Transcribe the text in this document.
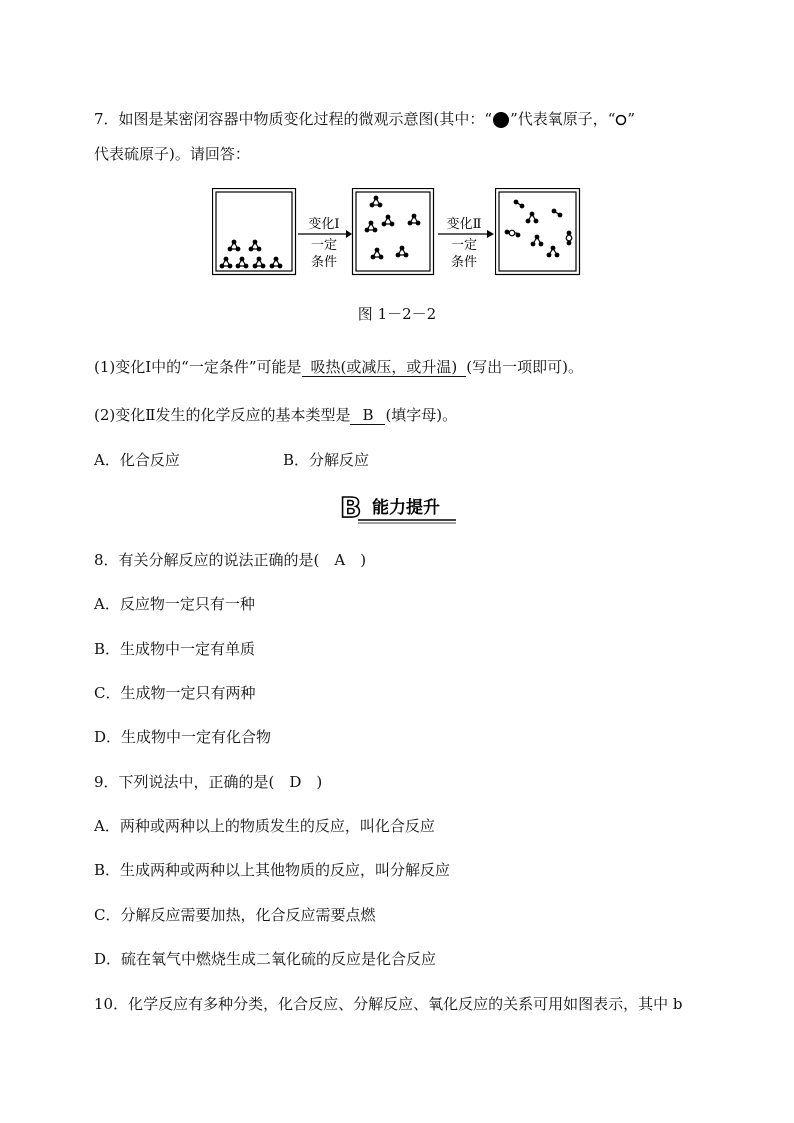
7．如图是某密闭容器中物质变化过程的微观示意图(其中：“ ”代表氧原子，“ ”
代表硫原子)。请回答：
变化Ⅰ
一定
条件
变化Ⅱ
一定
条件
图 1－2－2
(1)变化Ⅰ中的“一定条件”可能是    吸热(或减压，或升温)    (写出一项即可)。
(2)变化Ⅱ发生的化学反应的基本类型是     B     (填字母)。
A．化合反应	B．分解反应
B 能力提升
8．有关分解反应的说法正确的是(　A　)
A．反应物一定只有一种
B．生成物中一定有单质
C．生成物一定只有两种
D．生成物中一定有化合物
9．下列说法中，正确的是(　D　)
A．两种或两种以上的物质发生的反应，叫化合反应
B．生成两种或两种以上其他物质的反应，叫分解反应
C．分解反应需要加热，化合反应需要点燃
D．硫在氧气中燃烧生成二氧化硫的反应是化合反应
10．化学反应有多种分类，化合反应、分解反应、氧化反应的关系可用如图表示，其中 b
